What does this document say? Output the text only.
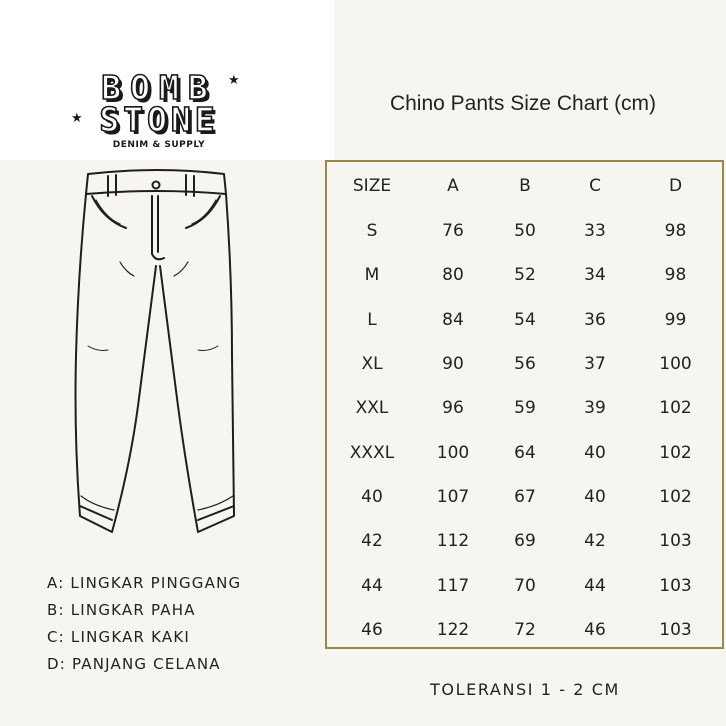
★
★
BOMB
STONE
DENIM & SUPPLY
Chino Pants Size Chart (cm)
A: LINGKAR PINGGANG
B: LINGKAR PAHA
C: LINGKAR KAKI
D: PANJANG CELANA
SIZE	A	B	C	D
S	76	50	33	98
M	80	52	34	98
L	84	54	36	99
XL	90	56	37	100
XXL	96	59	39	102
XXXL	100	64	40	102
40	107	67	40	102
42	112	69	42	103
44	117	70	44	103
46	122	72	46	103
TOLERANSI 1 - 2 CM
